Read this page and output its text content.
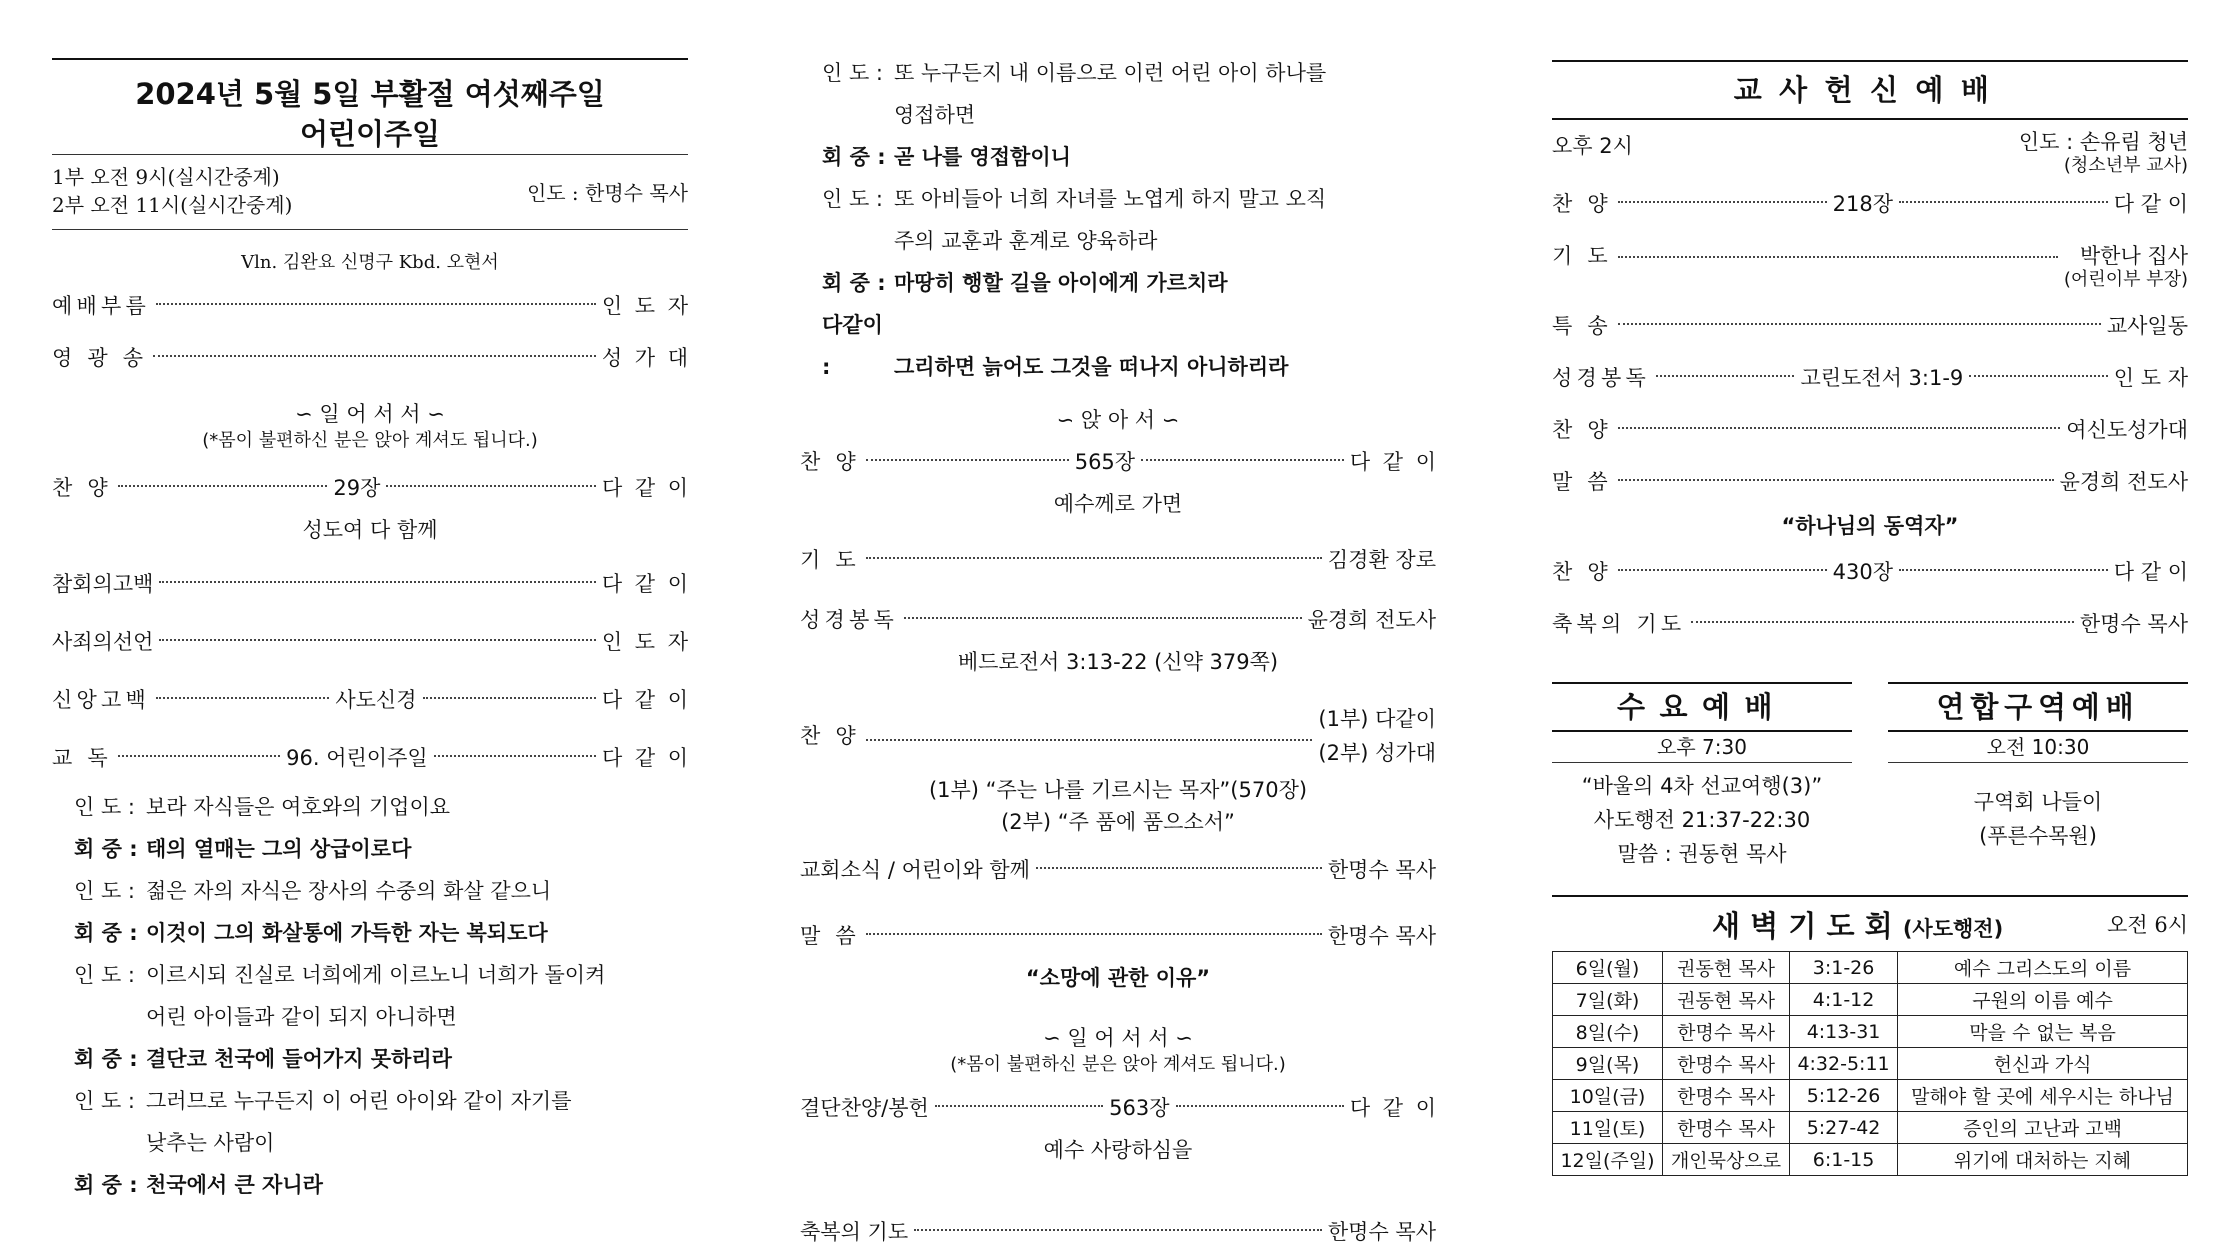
2024년 5월 5일 부활절 여섯째주일
어린이주일
1부 오전 9시(실시간중계)
2부 오전 11시(실시간중계)
인도 : 한명수 목사
Vln. 김완요 신명구 Kbd. 오현서
예배부름	인도자
영 광 송	성가대
∽ 일 어 서 서 ∽
(*몸이 불편하신 분은 앉아 계셔도 됩니다.)
찬 양	29장	다같이
성도여 다 함께
참회의고백	다같이
사죄의선언	인도자
신앙고백	사도신경	다같이
교 독	96. 어린이주일	다같이
인 도 : 보라 자식들은 여호와의 기업이요
회 중 : 태의 열매는 그의 상급이로다
인 도 : 젊은 자의 자식은 장사의 수중의 화살 같으니
회 중 : 이것이 그의 화살통에 가득한 자는 복되도다
인 도 : 이르시되 진실로 너희에게 이르노니 너희가 돌이켜
어린 아이들과 같이 되지 아니하면
회 중 : 결단코 천국에 들어가지 못하리라
인 도 : 그러므로 누구든지 이 어린 아이와 같이 자기를
낮추는 사람이
회 중 : 천국에서 큰 자니라
인 도 : 또 누구든지 내 이름으로 이런 어린 아이 하나를
영접하면
회 중 : 곧 나를 영접함이니
인 도 : 또 아비들아 너희 자녀를 노엽게 하지 말고 오직
주의 교훈과 훈계로 양육하라
회 중 : 마땅히 행할 길을 아이에게 가르치라
다같이 :	그리하면 늙어도 그것을 떠나지 아니하리라
∽ 앉 아 서 ∽
찬 양	565장	다같이
예수께로 가면
기 도	김경환 장로
성경봉독	윤경희 전도사
베드로전서 3:13-22 (신약 379쪽)
찬 양
(1부) 다같이
(2부) 성가대
(1부) “주는 나를 기르시는 목자”(570장)
(2부) “주 품에 품으소서”
교회소식 / 어린이와 함께	한명수 목사
말 씀	한명수 목사
“소망에 관한 이유”
∽ 일 어 서 서 ∽
(*몸이 불편하신 분은 앉아 계셔도 됩니다.)
결단찬양/봉헌	563장	다같이
예수 사랑하심을
축복의 기도	한명수 목사
교사헌신예배
오후 2시	인도 : 손유림 청년
(청소년부 교사)
찬 양	218장	다 같 이
기 도	박한나 집사
(어린이부 부장)
특 송	교사일동
성경봉독	고린도전서 3:1-9	인 도 자
찬 양	여신도성가대
말 씀	윤경희 전도사
“하나님의 동역자”
찬 양	430장	다 같 이
축복의 기도	한명수 목사
수요예배
오후 7:30
“바울의 4차 선교여행(3)”
사도행전 21:37-22:30
말씀 : 권동현 목사
연합구역예배
오전 10:30
구역회 나들이
(푸른수목원)
새벽기도회(사도행전)	오전 6시
6일(월)	권동현 목사	3:1-26	예수 그리스도의 이름
7일(화)	권동현 목사	4:1-12	구원의 이름 예수
8일(수)	한명수 목사	4:13-31	막을 수 없는 복음
9일(목)	한명수 목사	4:32-5:11	헌신과 가식
10일(금)	한명수 목사	5:12-26	말해야 할 곳에 세우시는 하나님
11일(토)	한명수 목사	5:27-42	증인의 고난과 고백
12일(주일)	개인묵상으로	6:1-15	위기에 대처하는 지혜
